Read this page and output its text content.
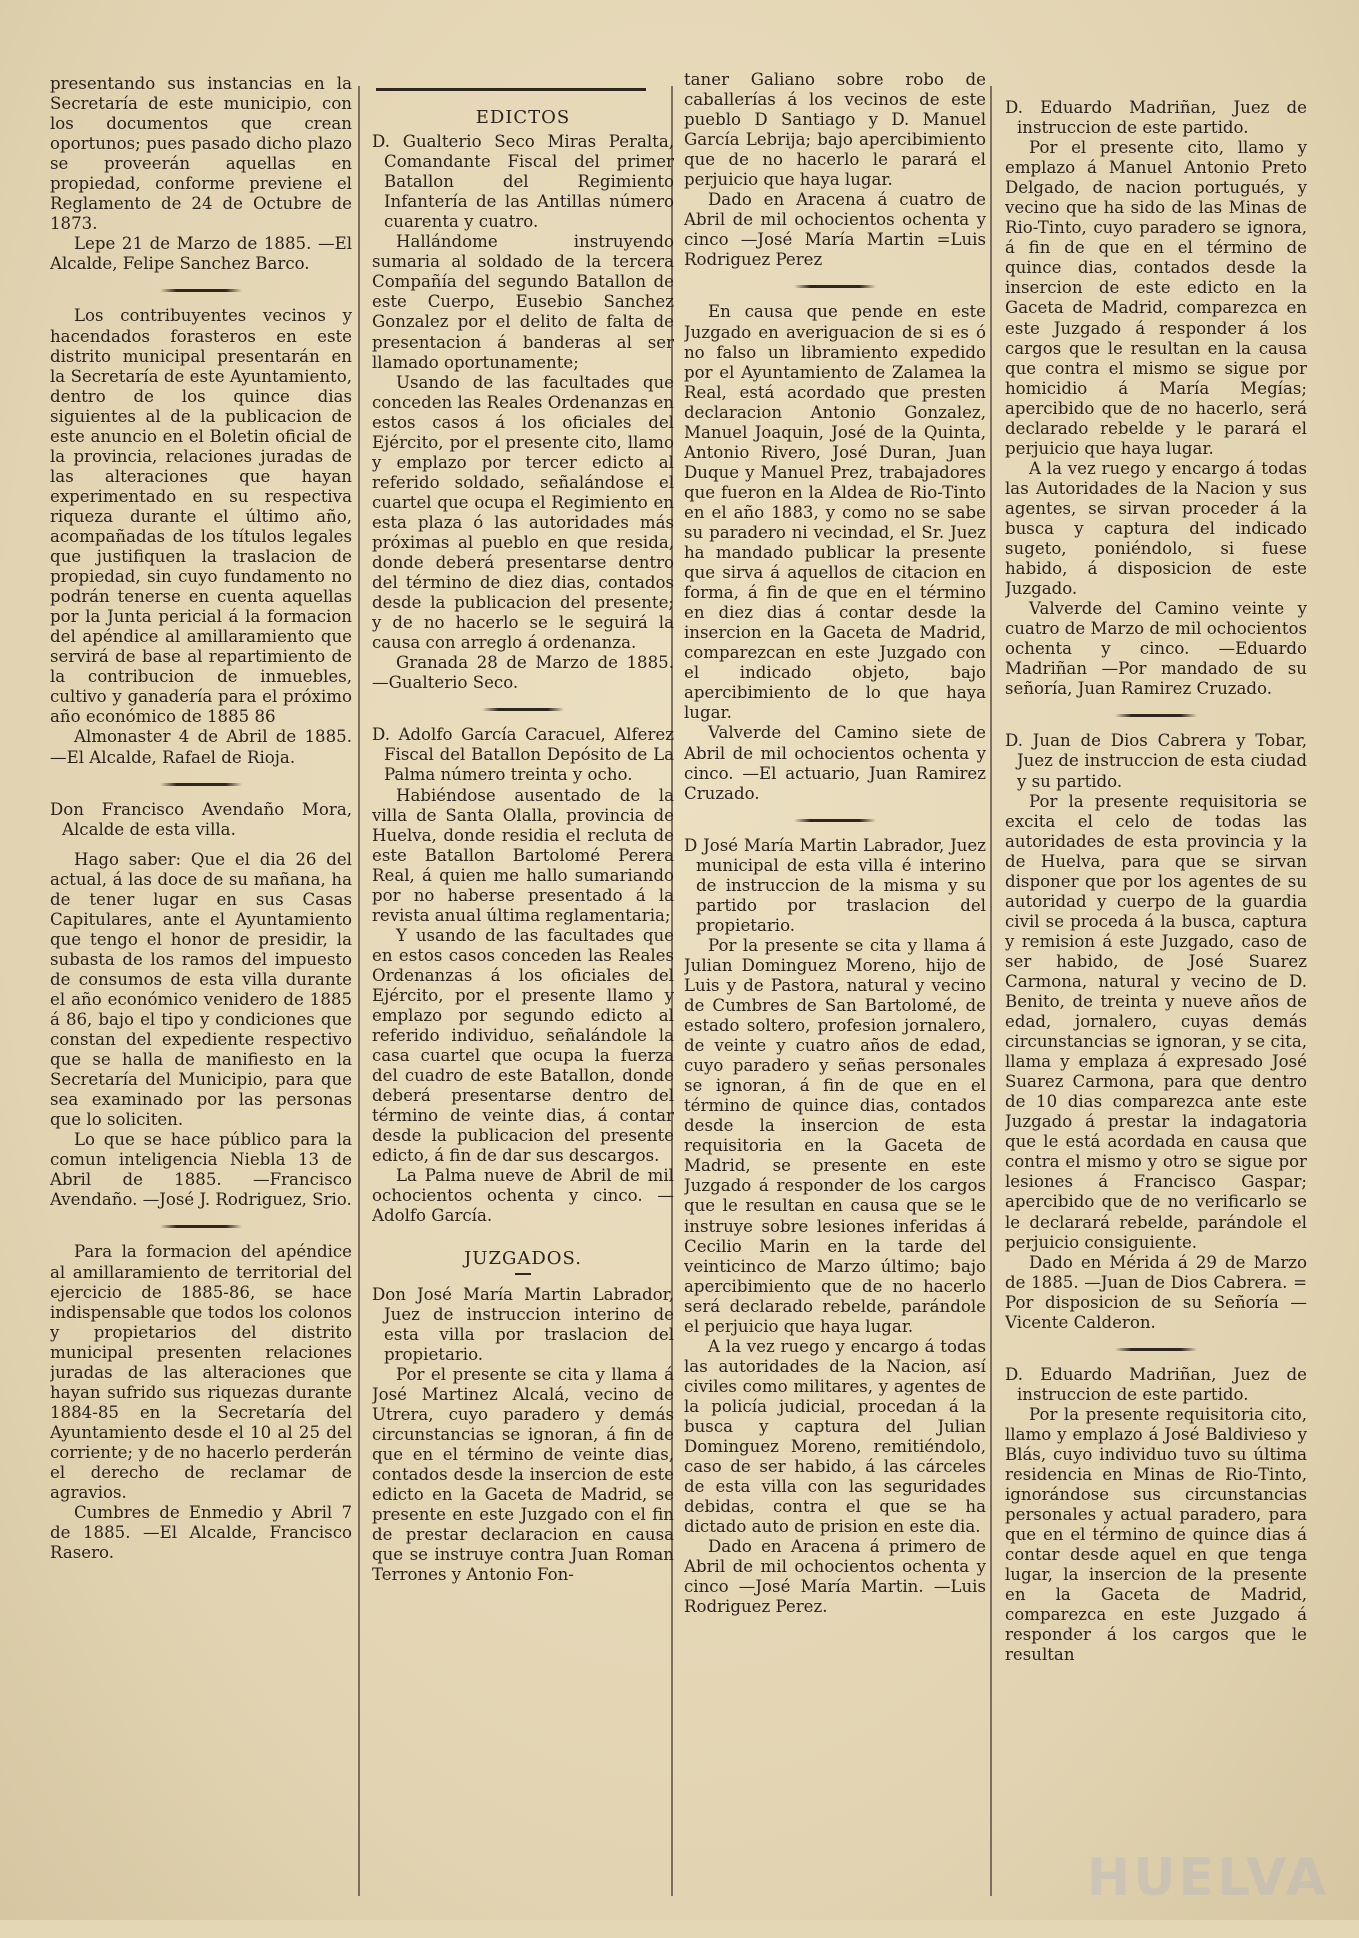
presentando sus instancias en la Secretaría de este municipio, con los documentos que crean oportunos; pues pasado dicho plazo se proveerán aquellas en propiedad, conforme previene el Reglamento de 24 de Octubre de 1873.

Lepe 21 de Marzo de 1885. —El Alcalde, Felipe Sanchez Barco.

Los contribuyentes vecinos y hacendados forasteros en este distrito municipal presentarán en la Secretaría de este Ayuntamiento, dentro de los quince dias siguientes al de la publicacion de este anuncio en el Boletin oficial de la provincia, relaciones juradas de las alteraciones que hayan experimentado en su respectiva riqueza durante el último año, acompañadas de los títulos legales que justifiquen la traslacion de propiedad, sin cuyo fundamento no podrán tenerse en cuenta aquellas por la Junta pericial á la formacion del apéndice al amillaramiento que servirá de base al repartimiento de la contribucion de inmuebles, cultivo y ganadería para el próximo año económico de 1885 86

Almonaster 4 de Abril de 1885. —El Alcalde, Rafael de Rioja.

Don Francisco Avendaño Mora, Alcalde de esta villa.

Hago saber: Que el dia 26 del actual, á las doce de su mañana, ha de tener lugar en sus Casas Capitulares, ante el Ayuntamiento que tengo el honor de presidir, la subasta de los ramos del impuesto de consumos de esta villa durante el año económico venidero de 1885 á 86, bajo el tipo y condiciones que constan del expediente respectivo que se halla de manifiesto en la Secretaría del Municipio, para que sea examinado por las personas que lo soliciten.

Lo que se hace público para la comun inteligencia Niebla 13 de Abril de 1885. —Francisco Avendaño. —José J. Rodriguez, Srio.

Para la formacion del apéndice al amillaramiento de territorial del ejercicio de 1885-86, se hace indispensable que todos los colonos y propietarios del distrito municipal presenten relaciones juradas de las alteraciones que hayan sufrido sus riquezas durante 1884-85 en la Secretaría del Ayuntamiento desde el 10 al 25 del corriente; y de no hacerlo perderán el derecho de reclamar de agravios.

Cumbres de Enmedio y Abril 7 de 1885. —El Alcalde, Francisco Rasero.

EDICTOS

D. Gualterio Seco Miras Peralta, Comandante Fiscal del primer Batallon del Regimiento Infantería de las Antillas número cuarenta y cuatro.

Hallándome instruyendo sumaria al soldado de la tercera Compañía del segundo Batallon de este Cuerpo, Eusebio Sanchez Gonzalez por el delito de falta de presentacion á banderas al ser llamado oportunamente;

Usando de las facultades que conceden las Reales Ordenanzas en estos casos á los oficiales del Ejército, por el presente cito, llamo y emplazo por tercer edicto al referido soldado, señalándose el cuartel que ocupa el Regimiento en esta plaza ó las autoridades más próximas al pueblo en que resida, donde deberá presentarse dentro del término de diez dias, contados desde la publicacion del presente; y de no hacerlo se le seguirá la causa con arreglo á ordenanza.

Granada 28 de Marzo de 1885. —Gualterio Seco.

D. Adolfo García Caracuel, Alferez Fiscal del Batallon Depósito de La Palma número treinta y ocho.

Habiéndose ausentado de la villa de Santa Olalla, provincia de Huelva, donde residia el recluta de este Batallon Bartolomé Perera Real, á quien me hallo sumariando por no haberse presentado á la revista anual última reglamentaria;

Y usando de las facultades que en estos casos conceden las Reales Ordenanzas á los oficiales del Ejército, por el presente llamo y emplazo por segundo edicto al referido individuo, señalándole la casa cuartel que ocupa la fuerza del cuadro de este Batallon, donde deberá presentarse dentro del término de veinte dias, á contar desde la publicacion del presente edicto, á fin de dar sus descargos.

La Palma nueve de Abril de mil ochocientos ochenta y cinco. —Adolfo García.

JUZGADOS.

Don José María Martin Labrador, Juez de instruccion interino de esta villa por traslacion del propietario.

Por el presente se cita y llama á José Martinez Alcalá, vecino de Utrera, cuyo paradero y demás circunstancias se ignoran, á fin de que en el término de veinte dias, contados desde la insercion de este edicto en la Gaceta de Madrid, se presente en este Juzgado con el fin de prestar declaracion en causa que se instruye contra Juan Roman Terrones y Antonio Fon-

taner Galiano sobre robo de caballerías á los vecinos de este pueblo D Santiago y D. Manuel García Lebrija; bajo apercibimiento que de no hacerlo le parará el perjuicio que haya lugar.

Dado en Aracena á cuatro de Abril de mil ochocientos ochenta y cinco —José María Martin =Luis Rodriguez Perez

En causa que pende en este Juzgado en averiguacion de si es ó no falso un libramiento expedido por el Ayuntamiento de Zalamea la Real, está acordado que presten declaracion Antonio Gonzalez, Manuel Joaquin, José de la Quinta, Antonio Rivero, José Duran, Juan Duque y Manuel Prez, trabajadores que fueron en la Aldea de Rio-Tinto en el año 1883, y como no se sabe su paradero ni vecindad, el Sr. Juez ha mandado publicar la presente que sirva á aquellos de citacion en forma, á fin de que en el término en diez dias á contar desde la insercion en la Gaceta de Madrid, comparezcan en este Juzgado con el indicado objeto, bajo apercibimiento de lo que haya lugar.

Valverde del Camino siete de Abril de mil ochocientos ochenta y cinco. —El actuario, Juan Ramirez Cruzado.

D José María Martin Labrador, Juez municipal de esta villa é interino de instruccion de la misma y su partido por traslacion del propietario.

Por la presente se cita y llama á Julian Dominguez Moreno, hijo de Luis y de Pastora, natural y vecino de Cumbres de San Bartolomé, de estado soltero, profesion jornalero, de veinte y cuatro años de edad, cuyo paradero y señas personales se ignoran, á fin de que en el término de quince dias, contados desde la insercion de esta requisitoria en la Gaceta de Madrid, se presente en este Juzgado á responder de los cargos que le resultan en causa que se le instruye sobre lesiones inferidas á Cecilio Marin en la tarde del veinticinco de Marzo último; bajo apercibimiento que de no hacerlo será declarado rebelde, parándole el perjuicio que haya lugar.

A la vez ruego y encargo á todas las autoridades de la Nacion, así civiles como militares, y agentes de la policía judicial, procedan á la busca y captura del Julian Dominguez Moreno, remitiéndolo, caso de ser habido, á las cárceles de esta villa con las seguridades debidas, contra el que se ha dictado auto de prision en este dia.

Dado en Aracena á primero de Abril de mil ochocientos ochenta y cinco —José María Martin. —Luis Rodriguez Perez.

D. Eduardo Madriñan, Juez de instruccion de este partido.

Por el presente cito, llamo y emplazo á Manuel Antonio Preto Delgado, de nacion portugués, y vecino que ha sido de las Minas de Rio-Tinto, cuyo paradero se ignora, á fin de que en el término de quince dias, contados desde la insercion de este edicto en la Gaceta de Madrid, comparezca en este Juzgado á responder á los cargos que le resultan en la causa que contra el mismo se sigue por homicidio á María Megías; apercibido que de no hacerlo, será declarado rebelde y le parará el perjuicio que haya lugar.

A la vez ruego y encargo á todas las Autoridades de la Nacion y sus agentes, se sirvan proceder á la busca y captura del indicado sugeto, poniéndolo, si fuese habido, á disposicion de este Juzgado.

Valverde del Camino veinte y cuatro de Marzo de mil ochocientos ochenta y cinco. —Eduardo Madriñan —Por mandado de su señoría, Juan Ramirez Cruzado.

D. Juan de Dios Cabrera y Tobar, Juez de instruccion de esta ciudad y su partido.

Por la presente requisitoria se excita el celo de todas las autoridades de esta provincia y la de Huelva, para que se sirvan disponer que por los agentes de su autoridad y cuerpo de la guardia civil se proceda á la busca, captura y remision á este Juzgado, caso de ser habido, de José Suarez Carmona, natural y vecino de D. Benito, de treinta y nueve años de edad, jornalero, cuyas demás circunstancias se ignoran, y se cita, llama y emplaza á expresado José Suarez Carmona, para que dentro de 10 dias comparezca ante este Juzgado á prestar la indagatoria que le está acordada en causa que contra el mismo y otro se sigue por lesiones á Francisco Gaspar; apercibido que de no verificarlo se le declarará rebelde, parándole el perjuicio consiguiente.

Dado en Mérida á 29 de Marzo de 1885. —Juan de Dios Cabrera. = Por disposicion de su Señoría —Vicente Calderon.

D. Eduardo Madriñan, Juez de instruccion de este partido.

Por la presente requisitoria cito, llamo y emplazo á José Baldivieso y Blás, cuyo individuo tuvo su última residencia en Minas de Rio-Tinto, ignorándose sus circunstancias personales y actual paradero, para que en el término de quince dias á contar desde aquel en que tenga lugar, la insercion de la presente en la Gaceta de Madrid, comparezca en este Juzgado á responder á los cargos que le resultan

HUELVA
